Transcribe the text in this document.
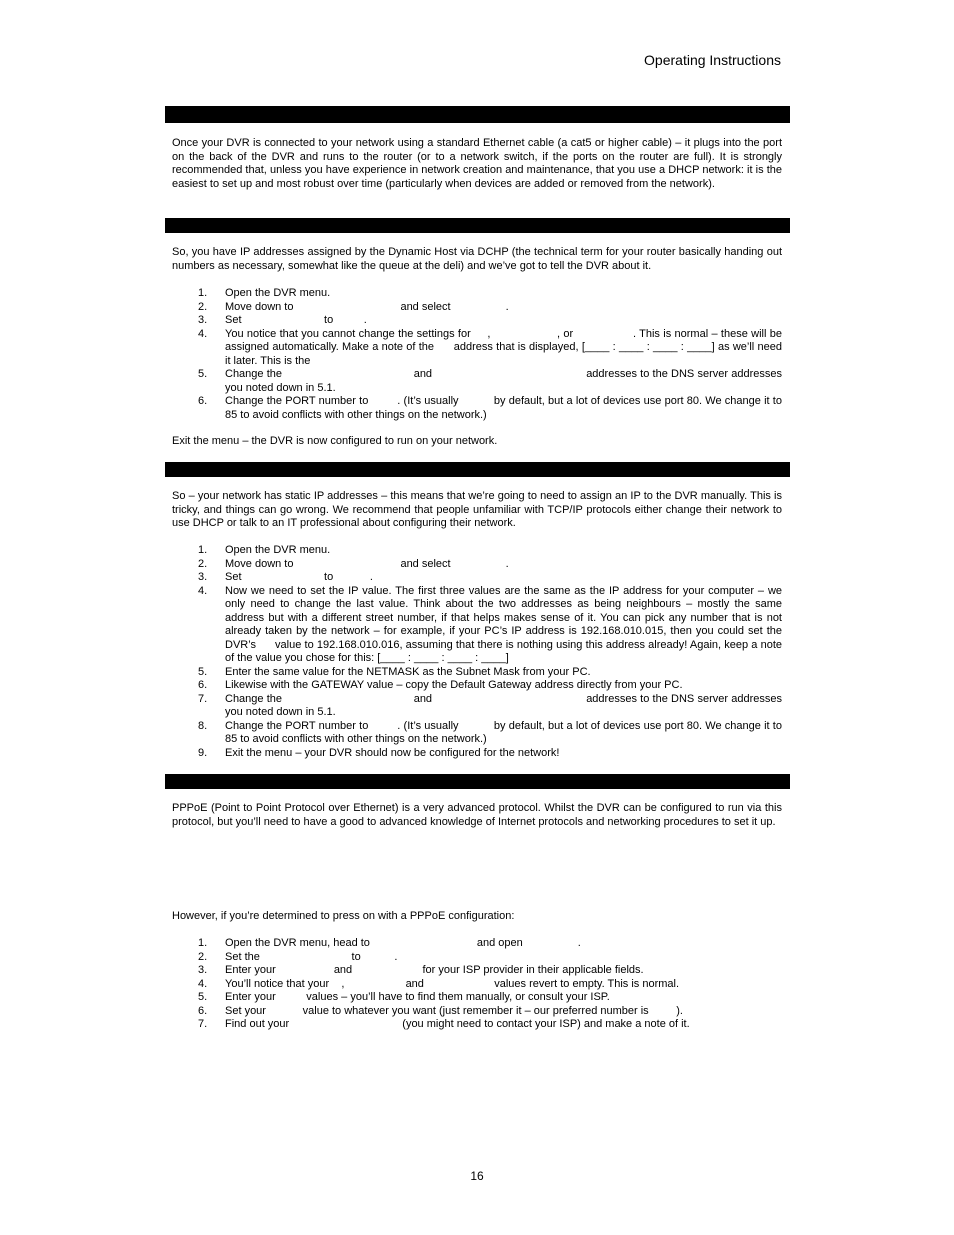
Operating Instructions

Once your DVR is connected to your network using a standard Ethernet cable (a cat5 or higher cable) – it plugs into the port on the back of the DVR and runs to the router (or to a network switch, if the ports on the router are full). It is strongly recommended that, unless you have experience in network creation and maintenance, that you use a DHCP network: it is the easiest to set up and most robust over time (particularly when devices are added or removed from the network).

So, you have IP addresses assigned by the Dynamic Host via DCHP (the technical term for your router basically handing out numbers as necessary, somewhat like the queue at the deli) and we’ve got to tell the DVR about it.

1. Open the DVR menu.
2. Move down to                                   and select                  .
3. Set                           to          .
4. You notice that you cannot change the settings for     ,                    , or                  . This is normal – these will be assigned automatically. Make a note of the      address that is displayed, [____ : ____ : ____ : ____] as we’ll need it later. This is the
5. Change the                                         and                                                addresses to the DNS server addresses you noted down in 5.1.
6. Change the PORT number to         . (It’s usually           by default, but a lot of devices use port 80. We change it to 85 to avoid conflicts with other things on the network.)

Exit the menu – the DVR is now configured to run on your network.

So – your network has static IP addresses – this means that we’re going to need to assign an IP to the DVR manually. This is tricky, and things can go wrong. We recommend that people unfamiliar with TCP/IP protocols either change their network to use DHCP or talk to an IT professional about configuring their network.

1. Open the DVR menu.
2. Move down to                                   and select                  .
3. Set                           to            .
4. Now we need to set the IP value. The first three values are the same as the IP address for your computer – we only need to change the last value. Think about the two addresses as being neighbours – mostly the same address but with a different street number, if that helps makes sense of it. You can pick any number that is not already taken by the network – for example, if your PC’s IP address is 192.168.010.015, then you could set the DVR’s      value to 192.168.010.016, assuming that there is nothing using this address already! Again, keep a note of the value you chose for this: [____ : ____ : ____ : ____]
5. Enter the same value for the NETMASK as the Subnet Mask from your PC.
6. Likewise with the GATEWAY value – copy the Default Gateway address directly from your PC.
7. Change the                                         and                                                addresses to the DNS server addresses you noted down in 5.1.
8. Change the PORT number to         . (It’s usually           by default, but a lot of devices use port 80. We change it to 85 to avoid conflicts with other things on the network.)
9. Exit the menu – your DVR should now be configured for the network!

PPPoE (Point to Point Protocol over Ethernet) is a very advanced protocol. Whilst the DVR can be configured to run via this protocol, but you’ll need to have a good to advanced knowledge of Internet protocols and networking procedures to set it up.

However, if you’re determined to press on with a PPPoE configuration:

1. Open the DVR menu, head to                                   and open                  .
2. Set the                              to           .
3. Enter your                   and                       for your ISP provider in their applicable fields.
4. You’ll notice that your    ,                    and                       values revert to empty. This is normal.
5. Enter your          values – you’ll have to find them manually, or consult your ISP.
6. Set your            value to whatever you want (just remember it – our preferred number is         ).
7. Find out your                                     (you might need to contact your ISP) and make a note of it.
16
